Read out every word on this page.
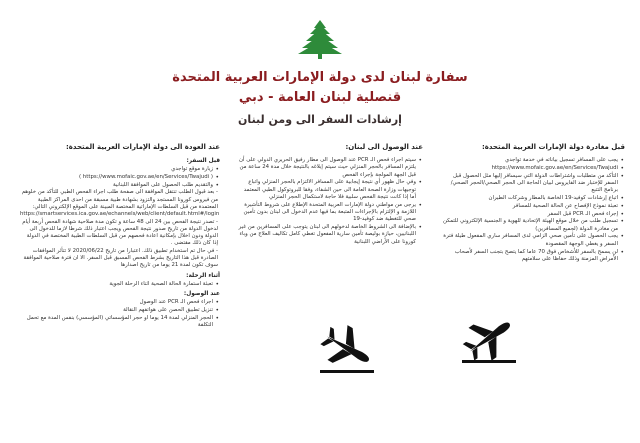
سفارة لبنان لدى دولة الإمارات العربية المتحدة
قنصلية لبنان العامة - دبي
إرشادات السفر الى ومن لبنان
قبل مغادرة دولة الإمارات العربية المتحدة:
• يجب على المسافر تسجيل بياناته في خدمة تواجدي
• https://www.mofaic.gov.ae/en/Services/Twajudi
• التأكد من متطلبات واشتراطات الدولة التي سيسافر إليها مثل الحصول قبل السفر للإختبار ضد الفايروس لبيان الحاجة الى الحجر الصحي/الحجر الصحي/ برنامج التتبع
• اتباع إرشادات كوفيد-19 الخاصة بالمطار وشركات الطيران
• تعبئة نموذج الإفصاح عن الحالة الصحية للمسافر
• إجراء فحص الـ PCR قبل السفر
• تسجيل طلب من خلال موقع الهيئة الإتحادية للهوية و الجنسية الإلكتروني للتمكن من مغادرة الدولة (لجميع المسافرين)
• يجب الحصول على تأمين صحي الزامي لدى المسافر ساري المفعول طيلة فترة السفر و يغطي الوجهة المقصودة
• لن يسمح بالسفر للأشخاص فوق 70 عاما كما يتصح بتجنب السفر لأصحاب الأمراض المزمنة وذلك حفاظا على سلامتهم
عند الوصول الى لبنان:
• سيتم اجراء فحص الـ PCR عند الوصول الى مطار رفيق الحريري الدولي على أن يلتزم المسافر بالحجر المنزلي حيث سيتم إبلاغه بالنتيجة خلال مدة 24 ساعة من قبل الجهة المولجة بإجراء الفحص
• وفي حال ظهور أي نتيجة إيجابية على المسافر الالتزام بالحجر المنزلي واتباع توجيهات وزارة الصحة العامة الى حين الشفاء، وفقا للبروتوكول الطبي المعتمد أما إذا كانت نتيجة الفحص سلبية فلا حاجة لاستكمال الحجر المنزلي
• يرجى من مواطني دولة الإمارات العربية المتحدة الإطلاع على شروط التأشيرة اللازمة و الإلتزام بالإجراءات المتبعة بما فيها عدم الدخول الى لبنان بدون تأمين صحي للتغطية ضد كوفيد-19
• بالإضافة الى الشروط الخاصة لدخولهم الى لبنان يتوجب على المسافرين من غير اللبنانيين، حيازة بوليصة تأمين سارية المفعول تغطي كامل تكاليف العلاج من وباء كورونا على الأراضي اللبنانية
عند العودة الى دولة الإمارات العربية المتحدة:
قبل السفر:
• زيارة موقع تواجدي
• ( https://www.mofaic.gov.ae/en/Services/Twajudi )
• والتقديم طلب الحصول على الموافقة اللبنانية

- بعد قبول الطلب تنتقل الموافقة الى صفحة طلب اجراء الفحص الطبي للتأكد من خلوهم من فيروس كورونا المستجد والتزود بشهادة طبية مسبقة من احدى المراكز الطبية المعتمدة من قبل السلطات الإماراتية المختصة المبينة على الموقع الإلكتروني التالي:

https://smartservices.ica.gov.ae/echannels/web/client/default.html#/login

- تصدر نتيجة الفحص بين 24 الى 48 ساعة و تكون مدة صلاحية شهادة الفحص أربعة أيام لدخول الدولة من تاريخ صدور نتيجة الفحص ويجب اعتبار ذلك شرطا لازما للدخول الى الدولة ودون اخلال بإمكانية اعادة فحصهم من قبل السلطات الطبية المختصة في الدولة إذا كان ذلك مقتضى .

- في حال تم استخدام تطبيق ذلك. اعتبارا من تاريخ 2020/06/22 لا تتأثر الموافقات الصادرة قبل هذا التاريخ بشرط الفحص المسبق قبل السفر. الا ان فترة صلاحية الموافقة سوف تكون لمدة 21 يوما من تاريخ اصدارها

أثناء الرحلة:
• تعبئة استمارة الحالة الصحية اثناء الرحلة الجوية
عند الوصول:
• اجراء فحص الـ PCR عند الوصول
• تنزيل تطبيق الحصن على هواتفهم النقالة
• الحجر المنزلي لمدة 14 يوما او حجر المؤسساتي (المؤسسي) بنفس المدة مع تحمل التكلفة
